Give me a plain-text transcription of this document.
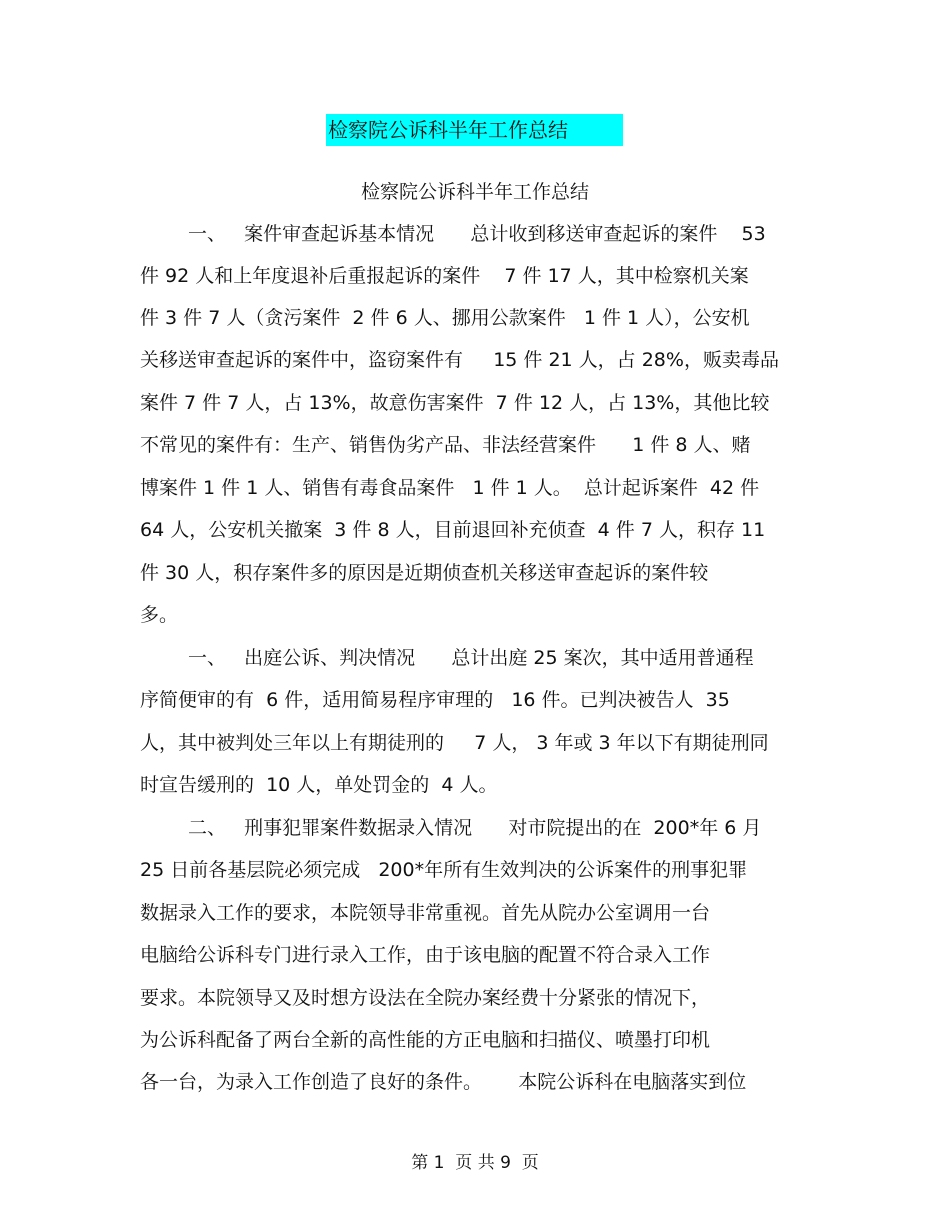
检察院公诉科半年工作总结
检察院公诉科半年工作总结
一、   案件审查起诉基本情况      总计收到移送审查起诉的案件    53
件 92 人和上年度退补后重报起诉的案件    7 件 17 人，其中检察机关案
件 3 件 7 人（贪污案件  2 件 6 人、挪用公款案件   1 件 1 人），公安机
关移送审查起诉的案件中，盗窃案件有     15 件 21 人，占 28%，贩卖毒品
案件 7 件 7 人，占 13%，故意伤害案件  7 件 12 人，占 13%，其他比较
不常见的案件有：生产、销售伪劣产品、非法经营案件      1 件 8 人、赌
博案件 1 件 1 人、销售有毒食品案件   1 件 1 人。  总计起诉案件  42 件
64 人，公安机关撤案  3 件 8 人，目前退回补充侦查  4 件 7 人，积存 11
件 30 人，积存案件多的原因是近期侦查机关移送审查起诉的案件较
多。
一、   出庭公诉、判决情况      总计出庭 25 案次，其中适用普通程
序简便审的有  6 件，适用简易程序审理的   16 件。已判决被告人  35
人，其中被判处三年以上有期徒刑的     7 人， 3 年或 3 年以下有期徒刑同
时宣告缓刑的  10 人，单处罚金的  4 人。
二、   刑事犯罪案件数据录入情况      对市院提出的在  200*年 6 月
25 日前各基层院必须完成   200*年所有生效判决的公诉案件的刑事犯罪
数据录入工作的要求，本院领导非常重视。首先从院办公室调用一台
电脑给公诉科专门进行录入工作，由于该电脑的配置不符合录入工作
要求。本院领导又及时想方设法在全院办案经费十分紧张的情况下，
为公诉科配备了两台全新的高性能的方正电脑和扫描仪、喷墨打印机
各一台，为录入工作创造了良好的条件。      本院公诉科在电脑落实到位
第 1  页 共 9  页
